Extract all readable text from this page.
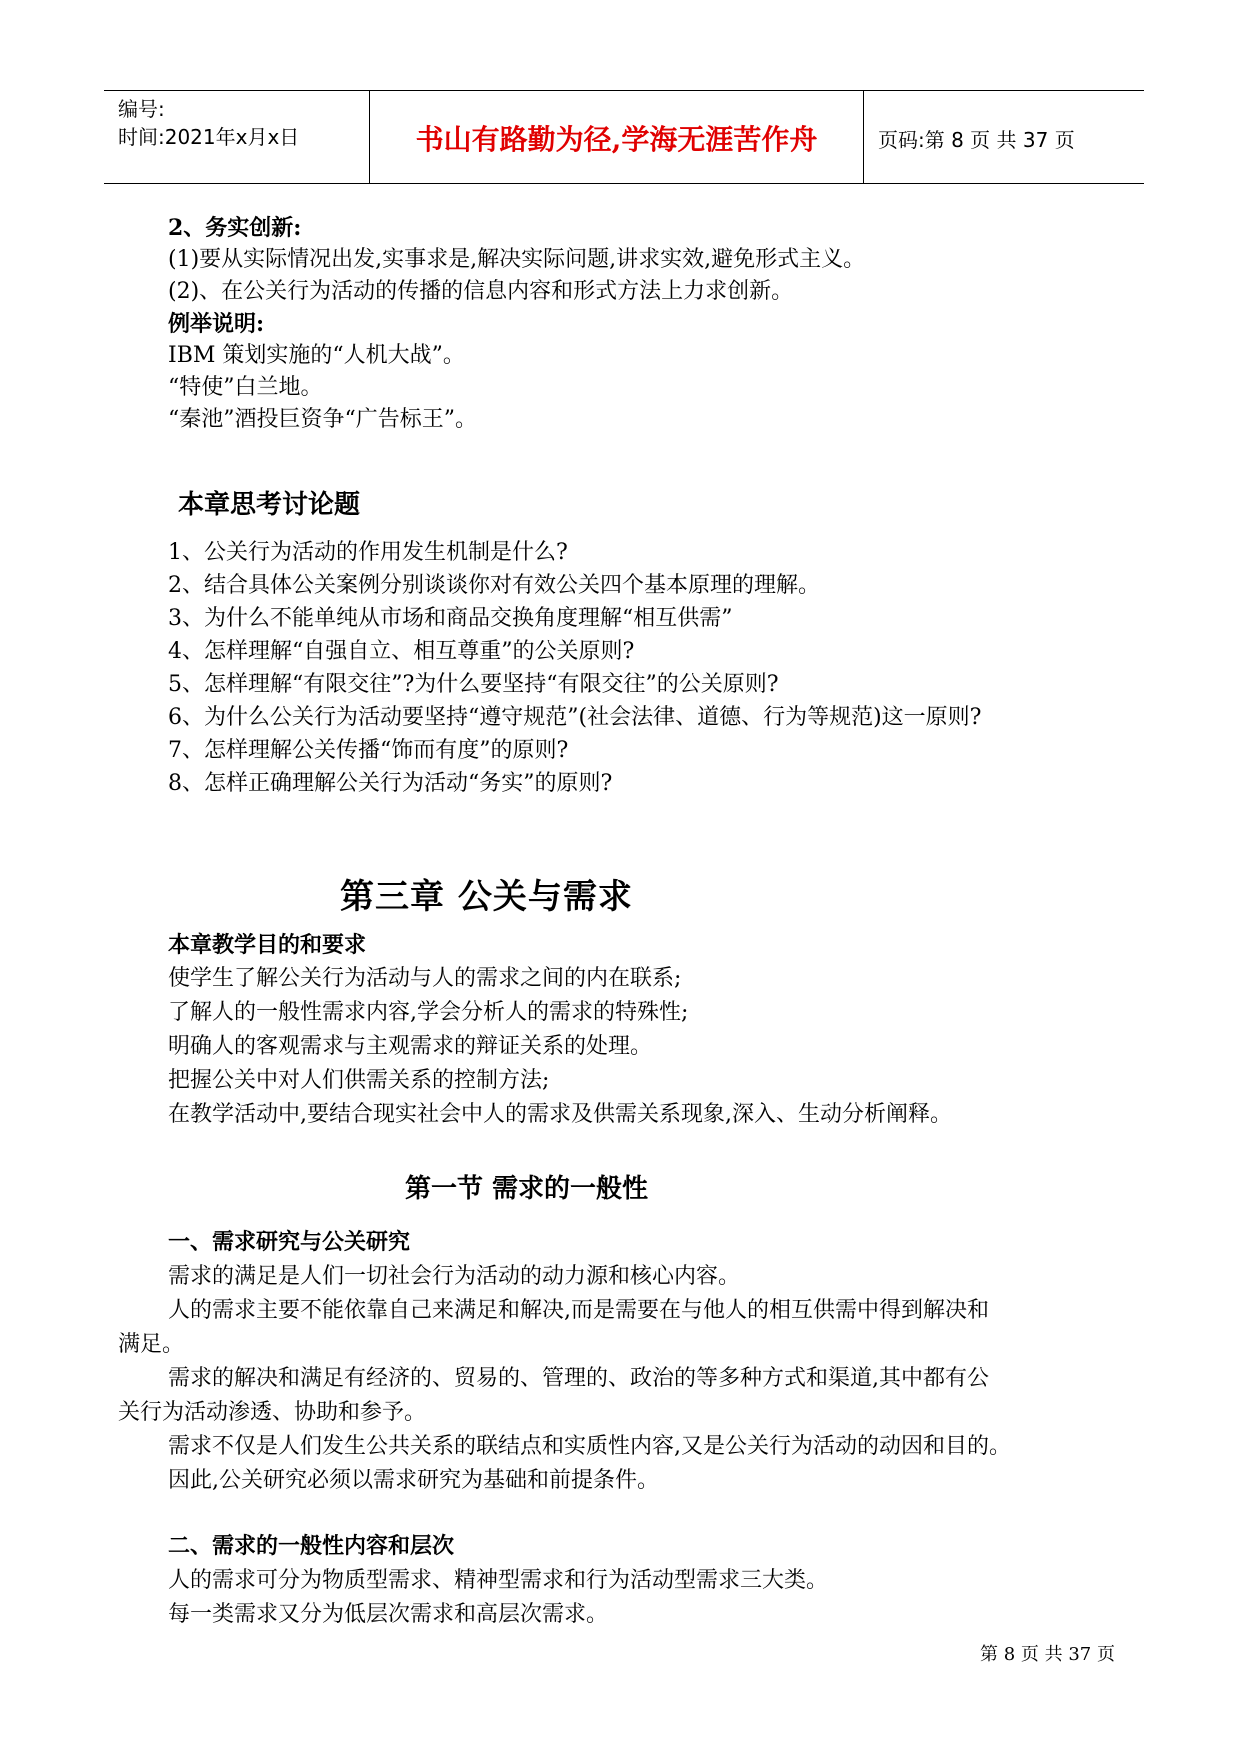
编号:
时间:2021年x月x日	书山有路勤为径,学海无涯苦作舟	页码:第 8 页 共 37 页
2、务实创新:
(1)要从实际情况出发,实事求是,解决实际问题,讲求实效,避免形式主义。
(2)、在公关行为活动的传播的信息内容和形式方法上力求创新。
例举说明:
IBM 策划实施的“人机大战”。
“特使”白兰地。
“秦池”酒投巨资争“广告标王”。
本章思考讨论题
1、公关行为活动的作用发生机制是什么?
2、结合具体公关案例分别谈谈你对有效公关四个基本原理的理解。
3、为什么不能单纯从市场和商品交换角度理解“相互供需”
4、怎样理解“自强自立、相互尊重”的公关原则?
5、怎样理解“有限交往”?为什么要坚持“有限交往”的公关原则?
6、为什么公关行为活动要坚持“遵守规范”(社会法律、道德、行为等规范)这一原则?
7、怎样理解公关传播“饰而有度”的原则?
8、怎样正确理解公关行为活动“务实”的原则?
第三章 公关与需求
本章教学目的和要求
使学生了解公关行为活动与人的需求之间的内在联系;
了解人的一般性需求内容,学会分析人的需求的特殊性;
明确人的客观需求与主观需求的辩证关系的处理。
把握公关中对人们供需关系的控制方法;
在教学活动中,要结合现实社会中人的需求及供需关系现象,深入、生动分析阐释。
第一节 需求的一般性
一、需求研究与公关研究
需求的满足是人们一切社会行为活动的动力源和核心内容。
人的需求主要不能依靠自己来满足和解决,而是需要在与他人的相互供需中得到解决和
满足。
需求的解决和满足有经济的、贸易的、管理的、政治的等多种方式和渠道,其中都有公
关行为活动渗透、协助和参予。
需求不仅是人们发生公共关系的联结点和实质性内容,又是公关行为活动的动因和目的。
因此,公关研究必须以需求研究为基础和前提条件。
二、需求的一般性内容和层次
人的需求可分为物质型需求、精神型需求和行为活动型需求三大类。
每一类需求又分为低层次需求和高层次需求。
第 8 页 共 37 页
